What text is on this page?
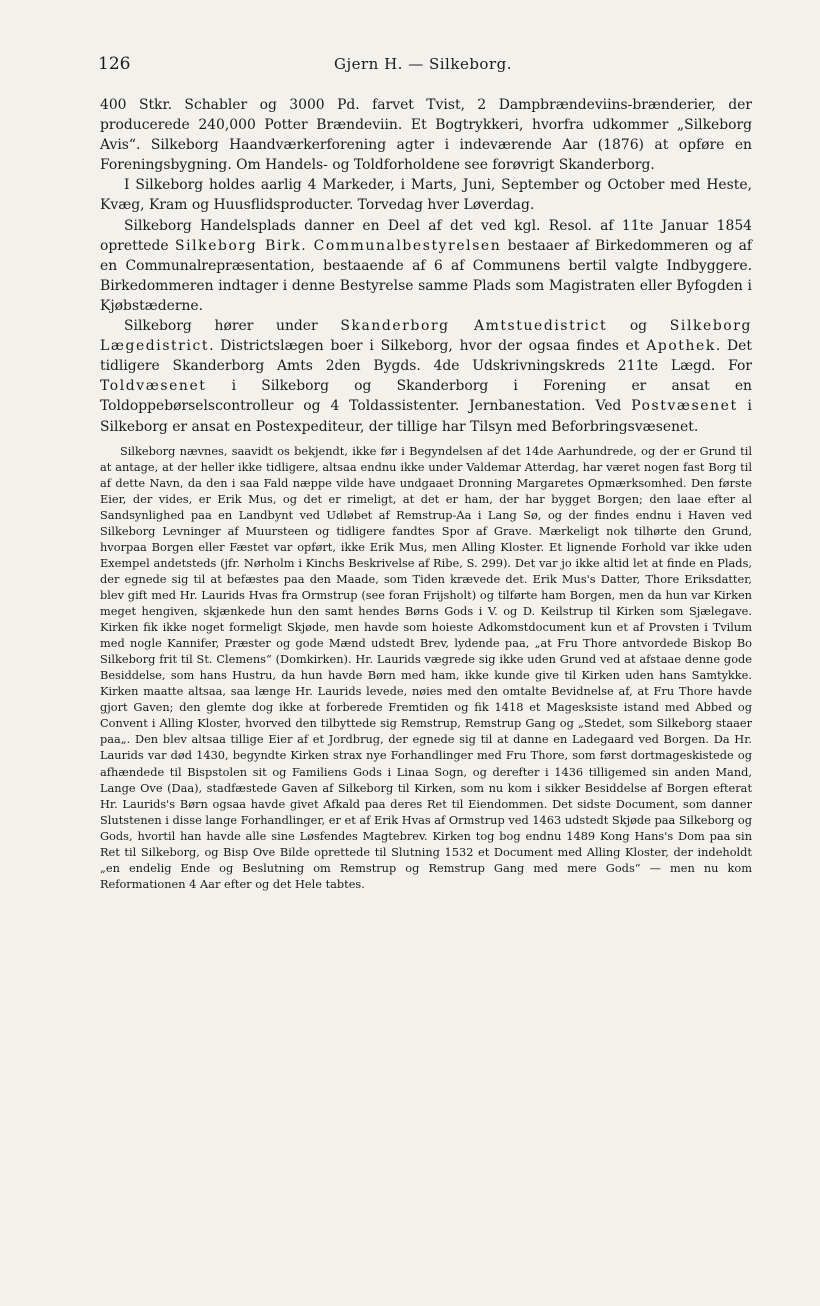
126	Gjern H. — Silkeborg.

400 Stkr. Schabler og 3000 Pd. farvet Tvist, 2 Dampbrændeviins-brænderier, der producerede 240,000 Potter Brændeviin. Et Bogtrykkeri, hvorfra udkommer „Silkeborg Avis“. Silkeborg Haandværkerforening agter i indeværende Aar (1876) at opføre en Foreningsbygning. Om Handels- og Toldforholdene see forøvrigt Skanderborg.

I Silkeborg holdes aarlig 4 Markeder, i Marts, Juni, September og October med Heste, Kvæg, Kram og Huusflidsproducter. Torvedag hver Løverdag.

Silkeborg Handelsplads danner en Deel af det ved kgl. Resol. af 11te Januar 1854 oprettede Silkeborg Birk. Communalbestyrelsen bestaaer af Birkedommeren og af en Communalrepræsentation, bestaaende af 6 af Communens bertil valgte Indbyggere. Birkedommeren indtager i denne Bestyrelse samme Plads som Magistraten eller Byfogden i Kjøbstæderne.

Silkeborg hører under Skanderborg Amtstuedistrict og Silkeborg Lægedistrict. Districtslægen boer i Silkeborg, hvor der ogsaa findes et Apothek. Det tidligere Skanderborg Amts 2den Bygds. 4de Udskrivningskreds 211te Lægd. For Toldvæsenet i Silkeborg og Skanderborg i Forening er ansat en Toldoppebørselscontrolleur og 4 Toldassistenter. Jernbanestation. Ved Postvæsenet i Silkeborg er ansat en Postexpediteur, der tillige har Tilsyn med Beforbringsvæsenet.

Silkeborg nævnes, saavidt os bekjendt, ikke før i Begyndelsen af det 14de Aarhundrede, og der er Grund til at antage, at der heller ikke tidligere, altsaa endnu ikke under Valdemar Atterdag, har været nogen fast Borg til af dette Navn, da den i saa Fald næppe vilde have undgaaet Dronning Margaretes Opmærksomhed. Den første Eier, der vides, er Erik Mus, og det er rimeligt, at det er ham, der har bygget Borgen; den laae efter al Sandsynlighed paa en Landbynt ved Udløbet af Remstrup-Aa i Lang Sø, og der findes endnu i Haven ved Silkeborg Levninger af Muursteen og tidligere fandtes Spor af Grave. Mærkeligt nok tilhørte den Grund, hvorpaa Borgen eller Fæstet var opført, ikke Erik Mus, men Alling Kloster. Et lignende Forhold var ikke uden Exempel andetsteds (jfr. Nørholm i Kinchs Beskrivelse af Ribe, S. 299). Det var jo ikke altid let at finde en Plads, der egnede sig til at befæstes paa den Maade, som Tiden krævede det. Erik Mus's Datter, Thore Eriksdatter, blev gift med Hr. Laurids Hvas fra Ormstrup (see foran Frijsholt) og tilførte ham Borgen, men da hun var Kirken meget hengiven, skjænkede hun den samt hendes Børns Gods i V. og D. Keilstrup til Kirken som Sjælegave. Kirken fik ikke noget formeligt Skjøde, men havde som hoieste Adkomstdocument kun et af Provsten i Tvilum med nogle Kannifer, Præster og gode Mænd udstedt Brev, lydende paa, „at Fru Thore antvordede Biskop Bo Silkeborg frit til St. Clemens“ (Domkirken). Hr. Laurids vægrede sig ikke uden Grund ved at afstaae denne gode Besiddelse, som hans Hustru, da hun havde Børn med ham, ikke kunde give til Kirken uden hans Samtykke. Kirken maatte altsaa, saa længe Hr. Laurids levede, nøies med den omtalte Bevidnelse af, at Fru Thore havde gjort Gaven; den glemte dog ikke at forberede Fremtiden og fik 1418 et Magesksiste istand med Abbed og Convent i Alling Kloster, hvorved den tilbyttede sig Remstrup, Remstrup Gang og „Stedet, som Silkeborg staaer paa„. Den blev altsaa tillige Eier af et Jordbrug, der egnede sig til at danne en Ladegaard ved Borgen. Da Hr. Laurids var død 1430, begyndte Kirken strax nye Forhandlinger med Fru Thore, som først dortmageskistede og afhændede til Bispstolen sit og Familiens Gods i Linaa Sogn, og derefter i 1436 tilligemed sin anden Mand, Lange Ove (Dаa), stadfæstede Gaven af Silkeborg til Kirken, som nu kom i sikker Besiddelse af Borgen efterat Hr. Laurids's Børn ogsaa havde givet Afkald paa deres Ret til Eiendommen. Det sidste Document, som danner Slutstenen i disse lange Forhandlinger, er et af Erik Hvas af Ormstrup ved 1463 udstedt Skjøde paa Silkeborg og Gods, hvortil han havde alle sine Løsfendes Magtebrev. Kirken tog bog endnu 1489 Kong Hans's Dom paa sin Ret til Silkeborg, og Bisp Ove Bilde oprettede til Slutning 1532 et Document med Alling Kloster, der indeholdt „en endelig Ende og Beslutning om Remstrup og Remstrup Gang med mere Gods“ — men nu kom Reformationen 4 Aar efter og det Hele tabtes.
